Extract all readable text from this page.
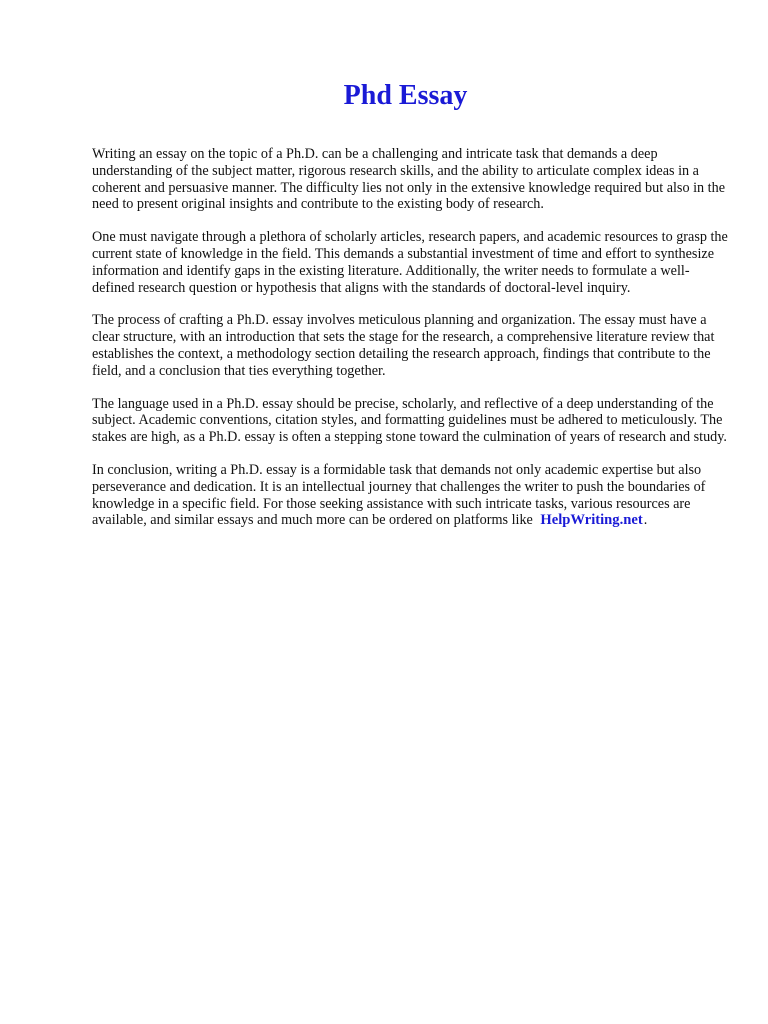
Phd Essay

Writing an essay on the topic of a Ph.D. can be a challenging and intricate task that demands a deep understanding of the subject matter, rigorous research skills, and the ability to articulate complex ideas in a coherent and persuasive manner. The difficulty lies not only in the extensive knowledge required but also in the need to present original insights and contribute to the existing body of research.

One must navigate through a plethora of scholarly articles, research papers, and academic resources to grasp the current state of knowledge in the field. This demands a substantial investment of time and effort to synthesize information and identify gaps in the existing literature. Additionally, the writer needs to formulate a well-defined research question or hypothesis that aligns with the standards of doctoral-level inquiry.

The process of crafting a Ph.D. essay involves meticulous planning and organization. The essay must have a clear structure, with an introduction that sets the stage for the research, a comprehensive literature review that establishes the context, a methodology section detailing the research approach, findings that contribute to the field, and a conclusion that ties everything together.

The language used in a Ph.D. essay should be precise, scholarly, and reflective of a deep understanding of the subject. Academic conventions, citation styles, and formatting guidelines must be adhered to meticulously. The stakes are high, as a Ph.D. essay is often a stepping stone toward the culmination of years of research and study.

In conclusion, writing a Ph.D. essay is a formidable task that demands not only academic expertise but also perseverance and dedication. It is an intellectual journey that challenges the writer to push the boundaries of knowledge in a specific field. For those seeking assistance with such intricate tasks, various resources are available, and similar essays and much more can be ordered on platforms like HelpWriting.net.
